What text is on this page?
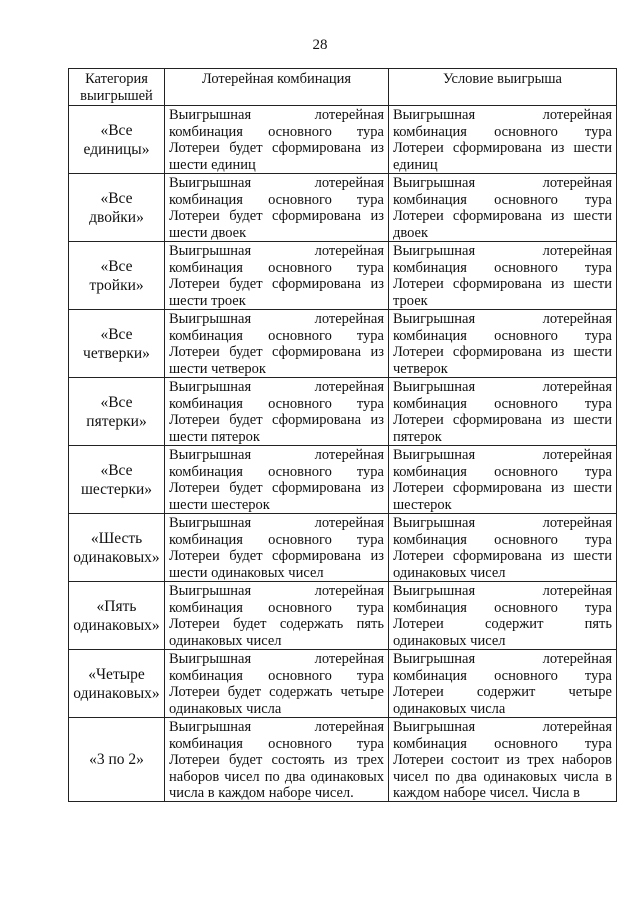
28
Категория выигрышей	Лотерейная комбинация	Условие выигрыша
«Все единицы»	Выигрышная лотерейная комбинация основного тура Лотереи будет сформирована из шести единиц	Выигрышная лотерейная комбинация основного тура Лотереи сформирована из шести единиц

«Все двойки»	Выигрышная лотерейная комбинация основного тура Лотереи будет сформирована из шести двоек	Выигрышная лотерейная комбинация основного тура Лотереи сформирована из шести двоек

«Все тройки»	Выигрышная лотерейная комбинация основного тура Лотереи будет сформирована из шести троек	Выигрышная лотерейная комбинация основного тура Лотереи сформирована из шести троек

«Все четверки»	Выигрышная лотерейная комбинация основного тура Лотереи будет сформирована из шести четверок	Выигрышная лотерейная комбинация основного тура Лотереи сформирована из шести четверок

«Все пятерки»	Выигрышная лотерейная комбинация основного тура Лотереи будет сформирована из шести пятерок	Выигрышная лотерейная комбинация основного тура Лотереи сформирована из шести пятерок

«Все шестерки»	Выигрышная лотерейная комбинация основного тура Лотереи будет сформирована из шести шестерок	Выигрышная лотерейная комбинация основного тура Лотереи сформирована из шести шестерок

«Шесть одинаковых»	Выигрышная лотерейная комбинация основного тура Лотереи будет сформирована из шести одинаковых чисел	Выигрышная лотерейная комбинация основного тура Лотереи сформирована из шести одинаковых чисел

«Пять одинаковых»	Выигрышная лотерейная комбинация основного тура Лотереи будет содержать пять одинаковых чисел	Выигрышная лотерейная комбинация основного тура Лотереи содержит пять одинаковых чисел

«Четыре одинаковых»	Выигрышная лотерейная комбинация основного тура Лотереи будет содержать четыре одинаковых числа	Выигрышная лотерейная комбинация основного тура Лотереи содержит четыре одинаковых числа

«3 по 2»	Выигрышная лотерейная комбинация основного тура Лотереи будет состоять из трех наборов чисел по два одинаковых числа в каждом наборе чисел.	Выигрышная лотерейная комбинация основного тура Лотереи состоит из трех наборов чисел по два одинаковых числа в каждом наборе чисел. Числа в
